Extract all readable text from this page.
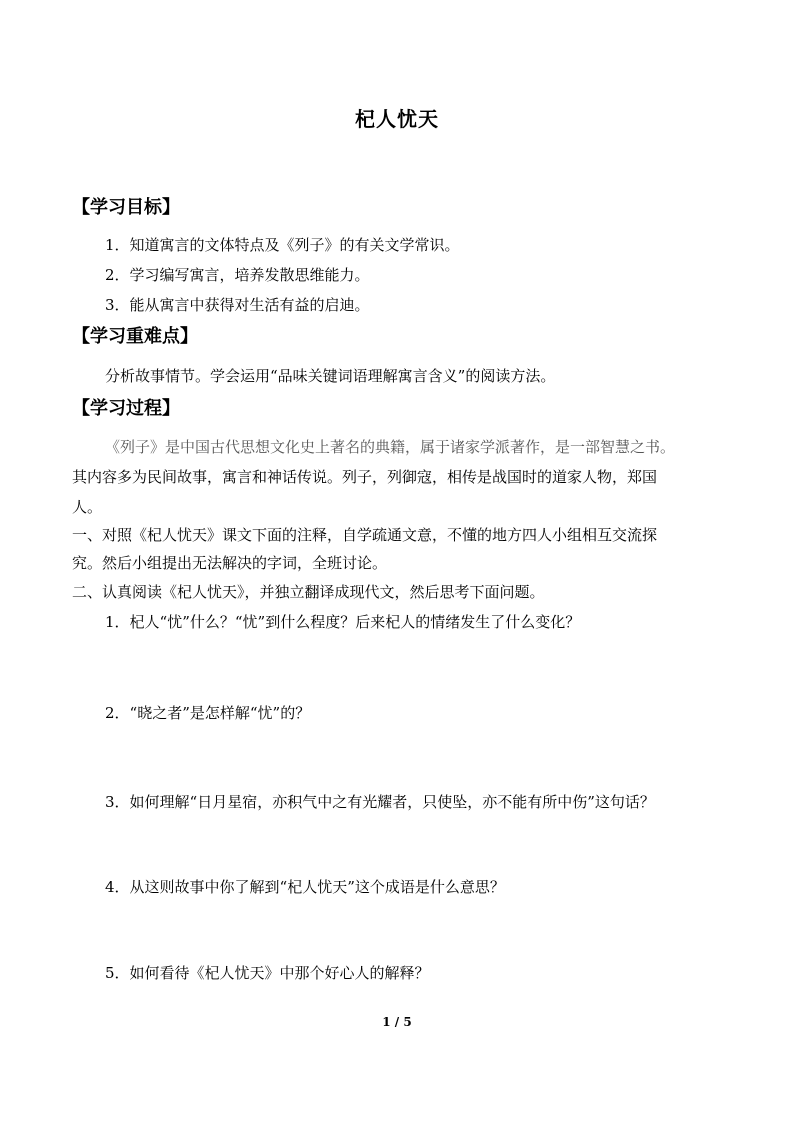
杞人忧天
【学习目标】
1．知道寓言的文体特点及《列子》的有关文学常识。
2．学习编写寓言，培养发散思维能力。
3．能从寓言中获得对生活有益的启迪。
【学习重难点】
分析故事情节。学会运用“品味关键词语理解寓言含义”的阅读方法。
【学习过程】
《列子》是中国古代思想文化史上著名的典籍，属于诸家学派著作，是一部智慧之书。
其内容多为民间故事，寓言和神话传说。列子，列御寇，相传是战国时的道家人物，郑国
人。
一、对照《杞人忧天》课文下面的注释，自学疏通文意，不懂的地方四人小组相互交流探
究。然后小组提出无法解决的字词，全班讨论。
二、认真阅读《杞人忧天》，并独立翻译成现代文，然后思考下面问题。
1．杞人“忧”什么？“忧”到什么程度？后来杞人的情绪发生了什么变化？
2．“晓之者”是怎样解“忧”的？
3．如何理解“日月星宿，亦积气中之有光耀者，只使坠，亦不能有所中伤”这句话？
4．从这则故事中你了解到“杞人忧天”这个成语是什么意思？
5．如何看待《杞人忧天》中那个好心人的解释？
1 / 5
